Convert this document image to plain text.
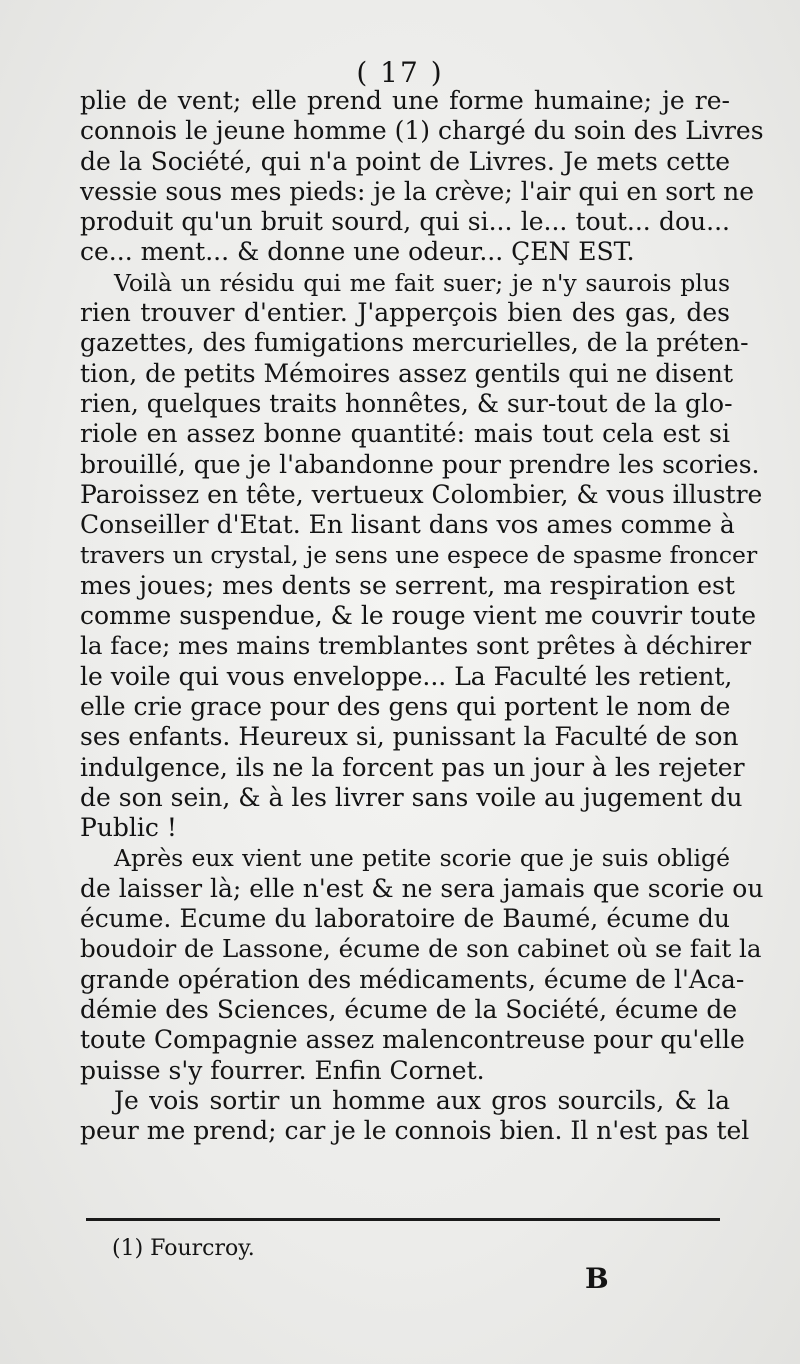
( 17 )
plie de vent; elle prend une forme humaine; je re-
connois le jeune homme (1) chargé du soin des Livres
de la Société, qui n'a point de Livres. Je mets cette
vessie sous mes pieds: je la crève; l'air qui en sort ne
produit qu'un bruit sourd, qui si... le... tout... dou...
ce... ment... & donne une odeur... ÇEN EST.
Voilà un résidu qui me fait suer; je n'y saurois plus
rien trouver d'entier. J'apperçois bien des gas, des
gazettes, des fumigations mercurielles, de la préten-
tion, de petits Mémoires assez gentils qui ne disent
rien, quelques traits honnêtes, & sur-tout de la glo-
riole en assez bonne quantité: mais tout cela est si
brouillé, que je l'abandonne pour prendre les scories.
Paroissez en tête, vertueux Colombier, & vous illustre
Conseiller d'Etat. En lisant dans vos ames comme à
travers un crystal, je sens une espece de spasme froncer
mes joues; mes dents se serrent, ma respiration est
comme suspendue, & le rouge vient me couvrir toute
la face; mes mains tremblantes sont prêtes à déchirer
le voile qui vous enveloppe... La Faculté les retient,
elle crie grace pour des gens qui portent le nom de
ses enfants. Heureux si, punissant la Faculté de son
indulgence, ils ne la forcent pas un jour à les rejeter
de son sein, & à les livrer sans voile au jugement du
Public !
Après eux vient une petite scorie que je suis obligé
de laisser là; elle n'est & ne sera jamais que scorie ou
écume. Ecume du laboratoire de Baumé, écume du
boudoir de Lassone, écume de son cabinet où se fait la
grande opération des médicaments, écume de l'Aca-
démie des Sciences, écume de la Société, écume de
toute Compagnie assez malencontreuse pour qu'elle
puisse s'y fourrer. Enfin Cornet.
Je vois sortir un homme aux gros sourcils, & la
peur me prend; car je le connois bien. Il n'est pas tel
(1) Fourcroy.
B
